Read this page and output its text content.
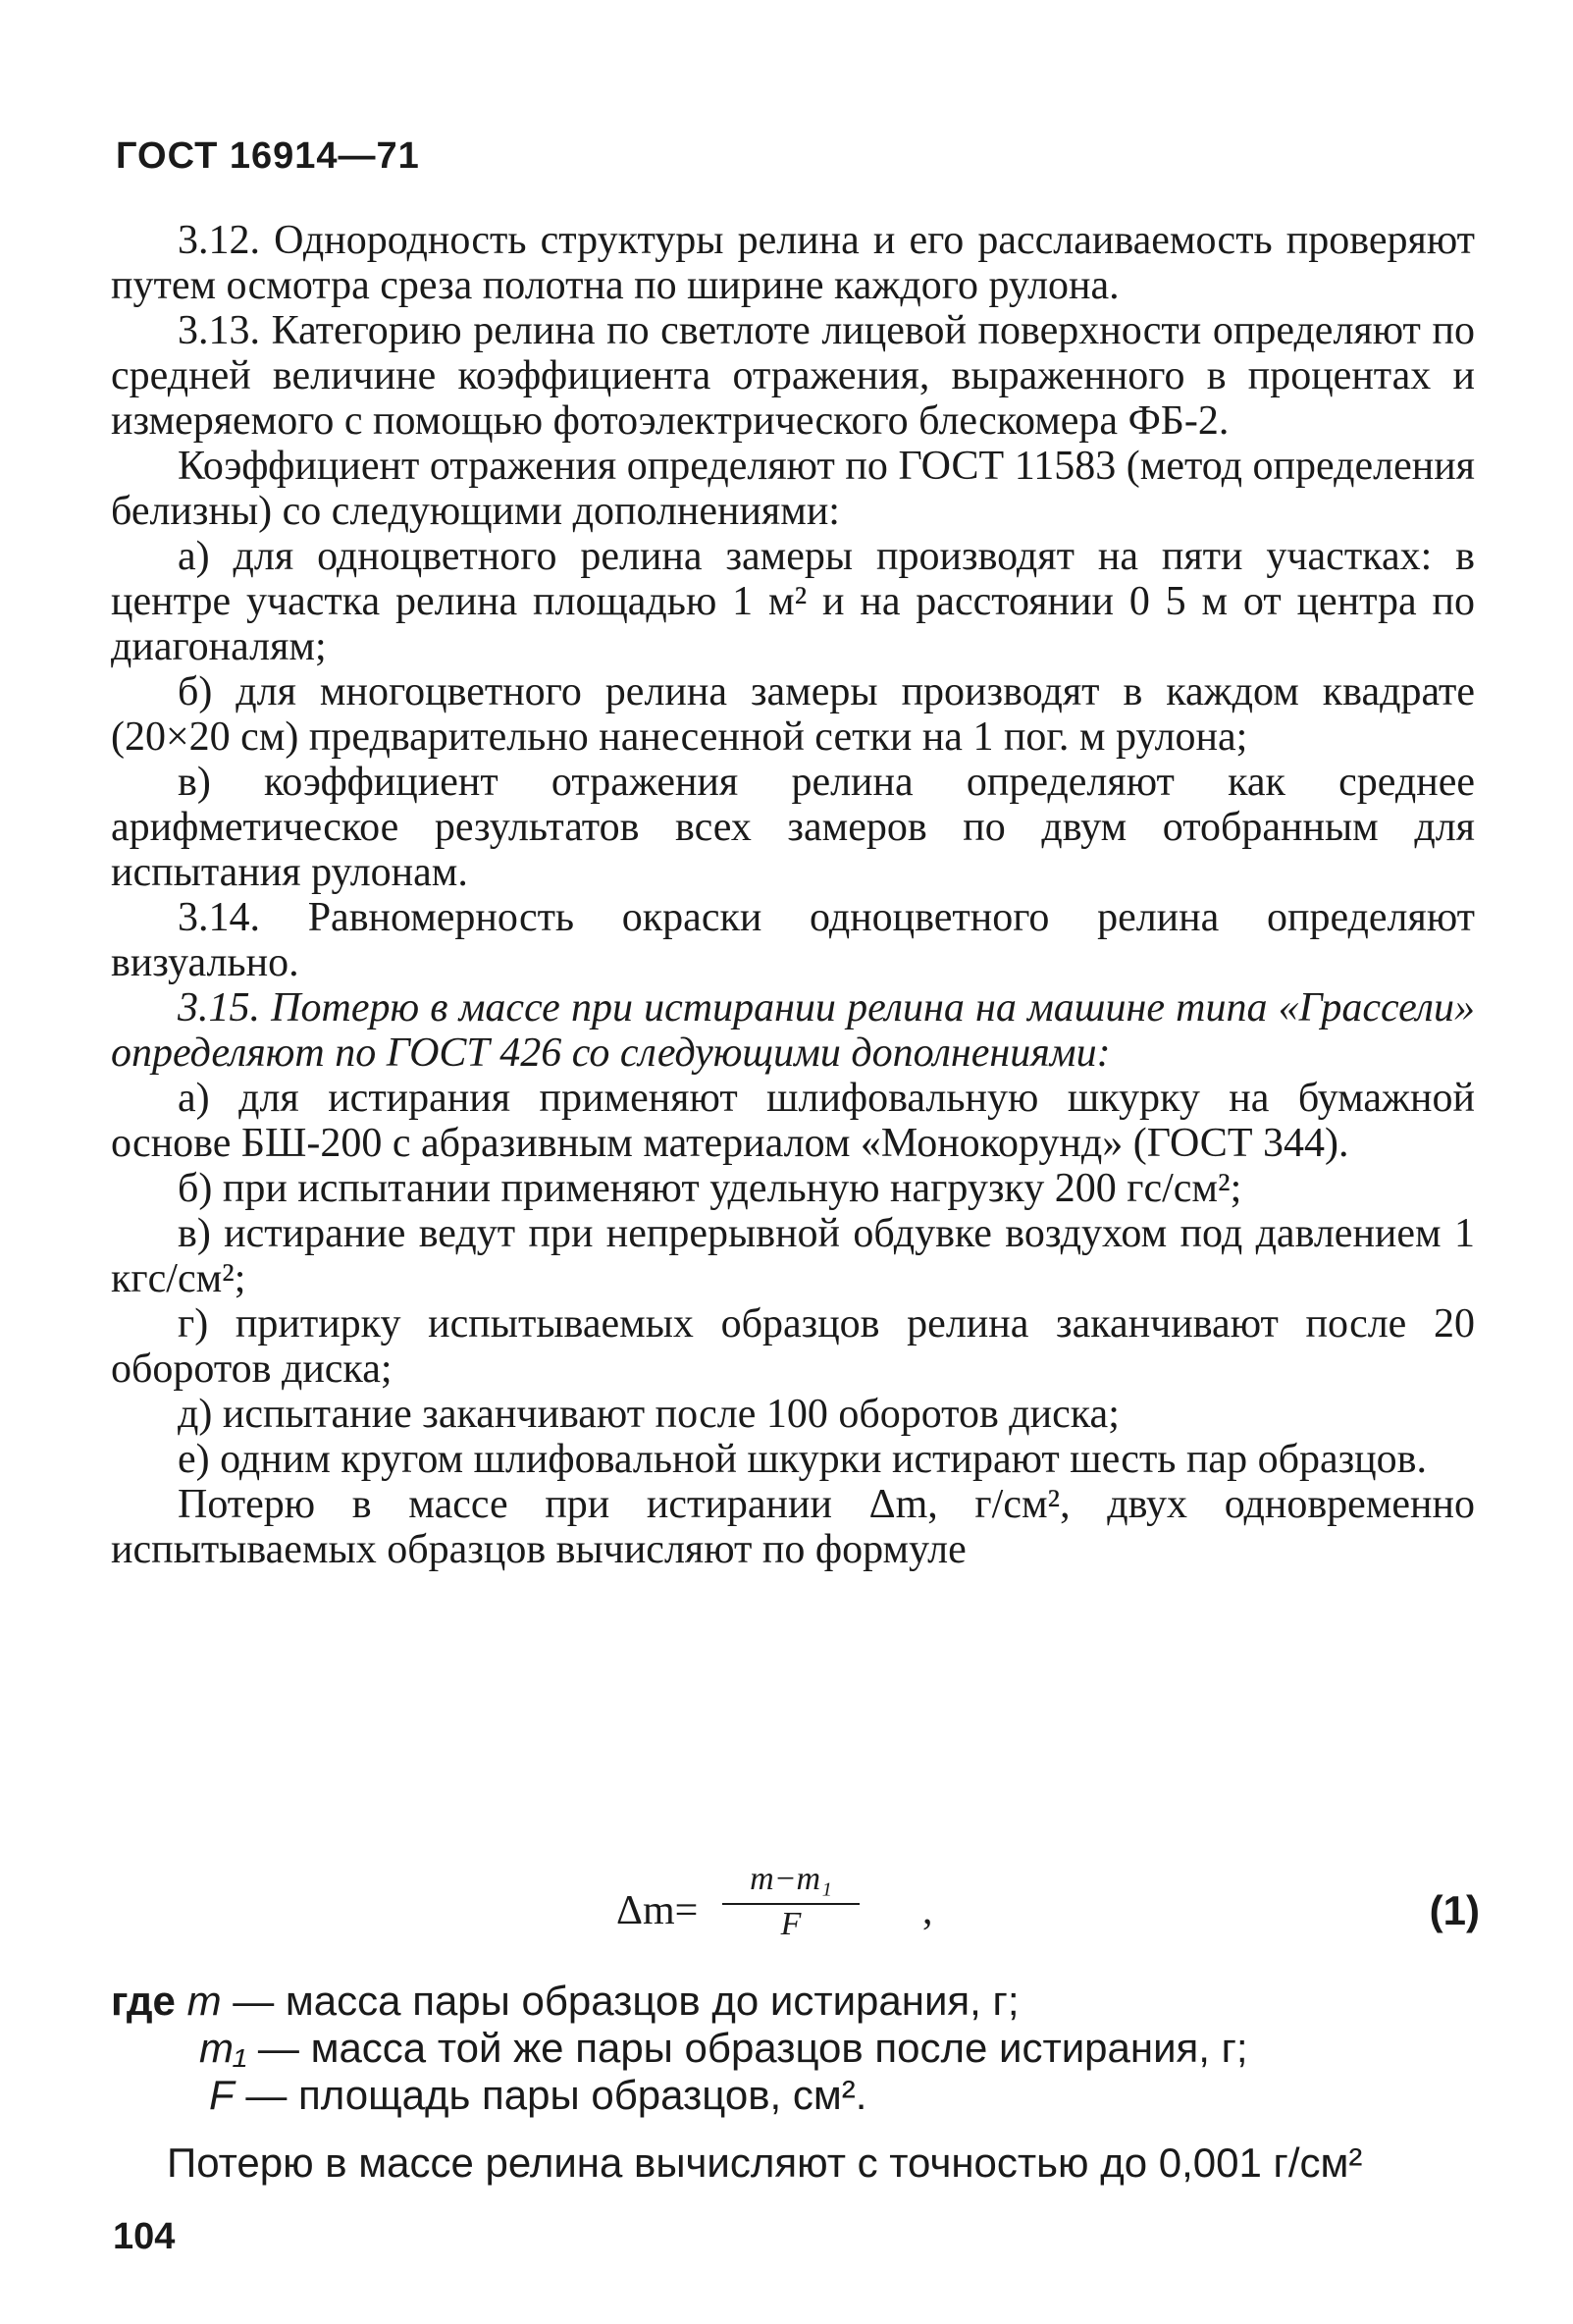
ГОСТ 16914—71

3.12. Однородность структуры релина и его расслаиваемость проверяют путем осмотра среза полотна по ширине каждого рулона.

3.13. Категорию релина по светлоте лицевой поверхности определяют по средней величине коэффициента отражения, выраженного в процентах и измеряемого с помощью фотоэлектрического блескомера ФБ-2.

Коэффициент отражения определяют по ГОСТ 11583 (метод определения белизны) со следующими дополнениями:

а) для одноцветного релина замеры производят на пяти участках: в центре участка релина площадью 1 м² и на расстоянии 0 5 м от центра по диагоналям;

б) для многоцветного релина замеры производят в каждом квадрате (20×20 см) предварительно нанесенной сетки на 1 пог. м рулона;

в) коэффициент отражения релина определяют как среднее арифметическое результатов всех замеров по двум отобранным для испытания рулонам.

3.14. Равномерность окраски одноцветного релина определяют визуально.

3.15. Потерю в массе при истирании релина на машине типа «Грассели» определяют по ГОСТ 426 со следующими дополнениями:

а) для истирания применяют шлифовальную шкурку на бумажной основе БШ-200 с абразивным материалом «Монокорунд» (ГОСТ 344).

б) при испытании применяют удельную нагрузку 200 гс/см²;

в) истирание ведут при непрерывной обдувке воздухом под давлением 1 кгс/см²;

г) притирку испытываемых образцов релина заканчивают после 20 оборотов диска;

д) испытание заканчивают после 100 оборотов диска;

е) одним кругом шлифовальной шкурки истирают шесть пар образцов.

Потерю в массе при истирании Δm, г/см², двух одновременно испытываемых образцов вычисляют по формуле

$\Delta m= \frac{\text{m−m₁}}{F}$ ,	(1)
где m — масса пары образцов до истирания, г;
m₁ — масса той же пары образцов после истирания, г;
F — площадь пары образцов, см².
Потерю в массе релина вычисляют с точностью до 0,001 г/см²
104
